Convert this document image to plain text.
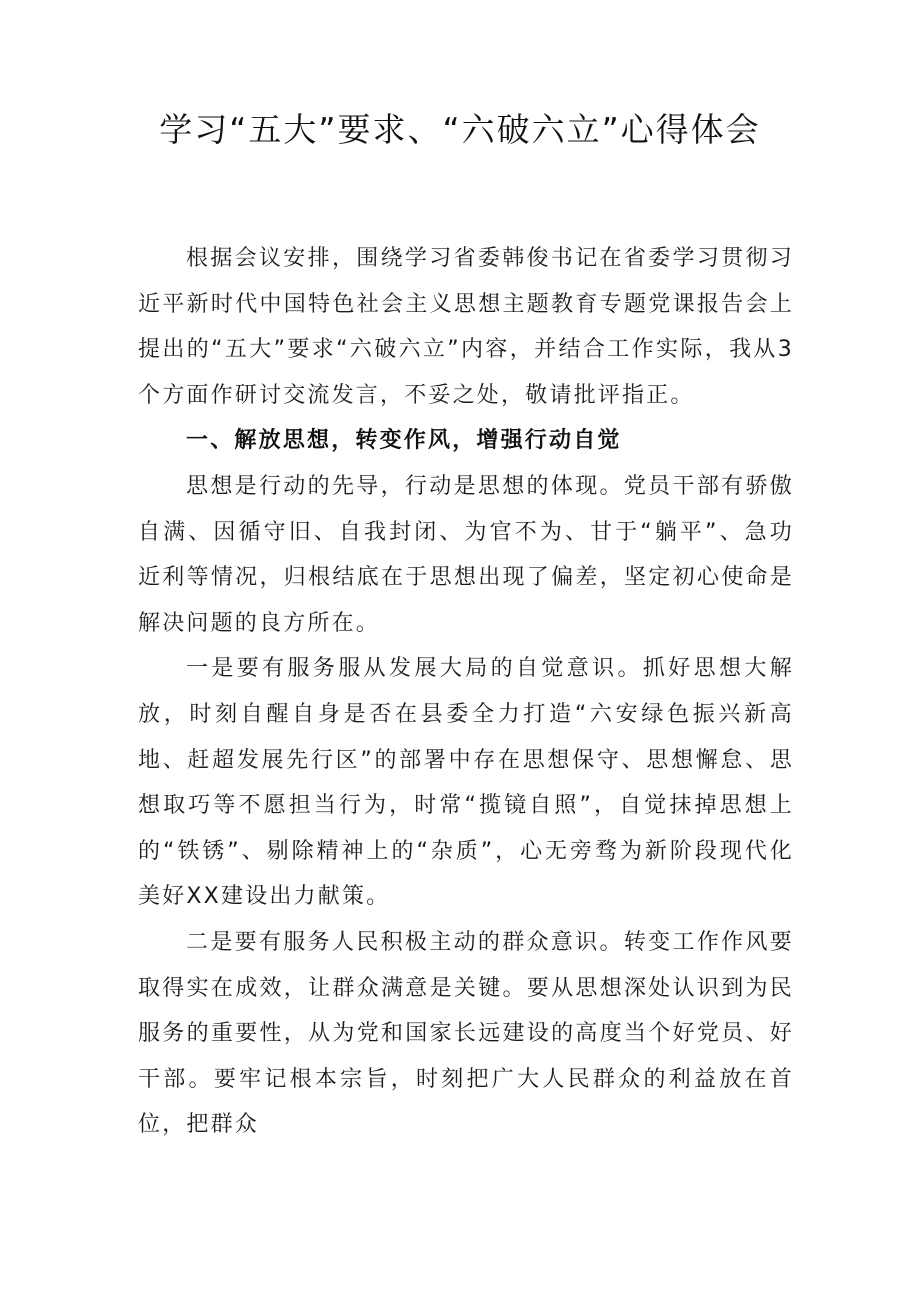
学习“五大”要求、“六破六立”心得体会

根据会议安排，围绕学习省委韩俊书记在省委学习贯彻习近平新时代中国特色社会主义思想主题教育专题党课报告会上提出的“五大”要求“六破六立”内容，并结合工作实际，我从3个方面作研讨交流发言，不妥之处，敬请批评指正。

一、解放思想，转变作风，增强行动自觉

思想是行动的先导，行动是思想的体现。党员干部有骄傲自满、因循守旧、自我封闭、为官不为、甘于“躺平”、急功近利等情况，归根结底在于思想出现了偏差，坚定初心使命是解决问题的良方所在。

一是要有服务服从发展大局的自觉意识。抓好思想大解放，时刻自醒自身是否在县委全力打造“六安绿色振兴新高地、赶超发展先行区”的部署中存在思想保守、思想懈怠、思想取巧等不愿担当行为，时常“揽镜自照”，自觉抹掉思想上的“铁锈”、剔除精神上的“杂质”，心无旁骛为新阶段现代化美好XX建设出力献策。

二是要有服务人民积极主动的群众意识。转变工作作风要取得实在成效，让群众满意是关键。要从思想深处认识到为民服务的重要性，从为党和国家长远建设的高度当个好党员、好干部。要牢记根本宗旨，时刻把广大人民群众的利益放在首位，把群众
